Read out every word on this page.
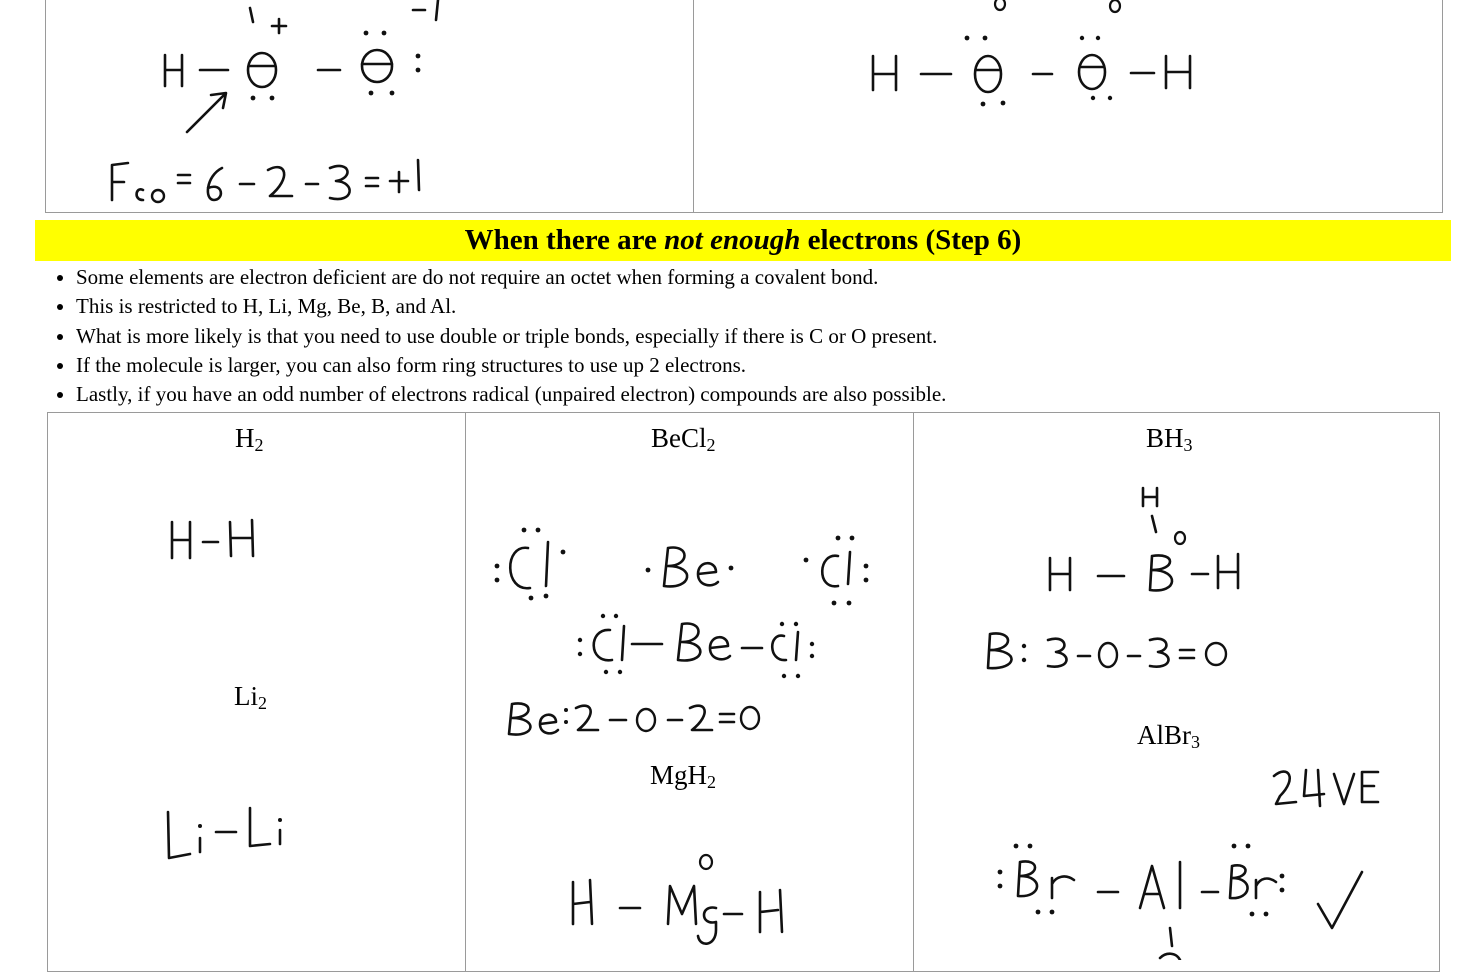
When there are not enough electrons (Step 6)
• Some elements are electron deficient are do not require an octet when forming a covalent bond.
• This is restricted to H, Li, Mg, Be, B, and Al.
• What is more likely is that you need to use double or triple bonds, especially if there is C or O present.
• If the molecule is larger, you can also form ring structures to use up 2 electrons.
• Lastly, if you have an odd number of electrons radical (unpaired electron) compounds are also possible.
$H_2$
$Li_2$
BeCl$_2$
MgH$_2$
$BH_3$
AlBr$_3$
